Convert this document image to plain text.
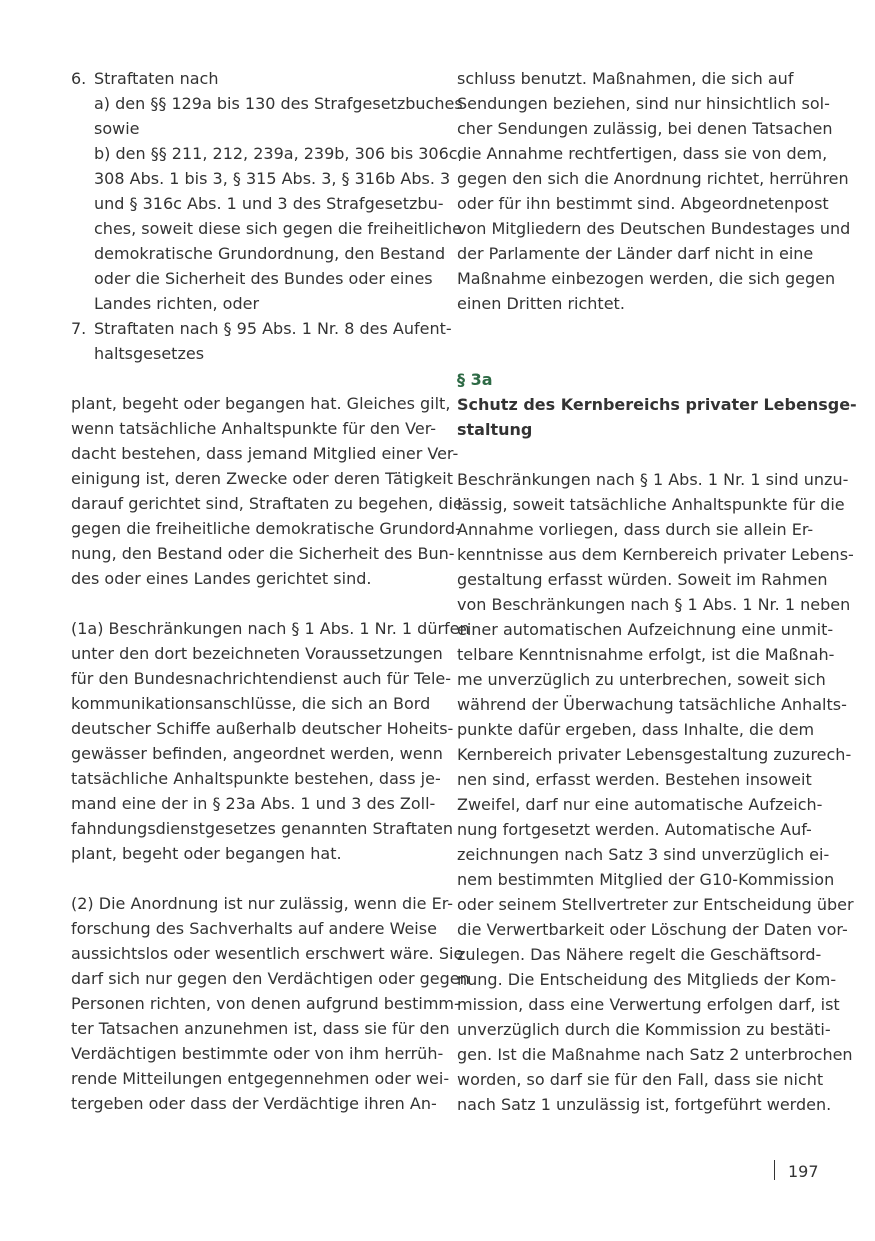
6. Straftaten nach
a) den §§ 129a bis 130 des Strafgesetzbuches
sowie
b) den §§ 211, 212, 239a, 239b, 306 bis 306c,
308 Abs. 1 bis 3, § 315 Abs. 3, § 316b Abs. 3
und § 316c Abs. 1 und 3 des Strafgesetzbu-
ches, soweit diese sich gegen die freiheitliche
demokratische Grundordnung, den Bestand
oder die Sicherheit des Bundes oder eines
Landes richten, oder
7. Straftaten nach § 95 Abs. 1 Nr. 8 des Aufent-
haltsgesetzes
plant, begeht oder begangen hat. Gleiches gilt,
wenn tatsächliche Anhaltspunkte für den Ver-
dacht bestehen, dass jemand Mitglied einer Ver-
einigung ist, deren Zwecke oder deren Tätigkeit
darauf gerichtet sind, Straftaten zu begehen, die
gegen die freiheitliche demokratische Grundord-
nung, den Bestand oder die Sicherheit des Bun-
des oder eines Landes gerichtet sind.
(1a) Beschränkungen nach § 1 Abs. 1 Nr. 1 dürfen
unter den dort bezeichneten Voraussetzungen
für den Bundesnachrichtendienst auch für Tele-
kommunikationsanschlüsse, die sich an Bord
deutscher Schiffe außerhalb deutscher Hoheits-
gewässer befinden, angeordnet werden, wenn
tatsächliche Anhaltspunkte bestehen, dass je-
mand eine der in § 23a Abs. 1 und 3 des Zoll-
fahndungsdienstgesetzes genannten Straftaten
plant, begeht oder begangen hat.
(2) Die Anordnung ist nur zulässig, wenn die Er-
forschung des Sachverhalts auf andere Weise
aussichtslos oder wesentlich erschwert wäre. Sie
darf sich nur gegen den Verdächtigen oder gegen
Personen richten, von denen aufgrund bestimm-
ter Tatsachen anzunehmen ist, dass sie für den
Verdächtigen bestimmte oder von ihm herrüh-
rende Mitteilungen entgegennehmen oder wei-
tergeben oder dass der Verdächtige ihren An-
schluss benutzt. Maßnahmen, die sich auf
Sendungen beziehen, sind nur hinsichtlich sol-
cher Sendungen zulässig, bei denen Tatsachen
die Annahme rechtfertigen, dass sie von dem,
gegen den sich die Anordnung richtet, herrühren
oder für ihn bestimmt sind. Abgeordnetenpost
von Mitgliedern des Deutschen Bundestages und
der Parlamente der Länder darf nicht in eine
Maßnahme einbezogen werden, die sich gegen
einen Dritten richtet.
§ 3a
Schutz des Kernbereichs privater Lebensge-
staltung
Beschränkungen nach § 1 Abs. 1 Nr. 1 sind unzu-
lässig, soweit tatsächliche Anhaltspunkte für die
Annahme vorliegen, dass durch sie allein Er-
kenntnisse aus dem Kernbereich privater Lebens-
gestaltung erfasst würden. Soweit im Rahmen
von Beschränkungen nach § 1 Abs. 1 Nr. 1 neben
einer automatischen Aufzeichnung eine unmit-
telbare Kenntnisnahme erfolgt, ist die Maßnah-
me unverzüglich zu unterbrechen, soweit sich
während der Überwachung tatsächliche Anhalts-
punkte dafür ergeben, dass Inhalte, die dem
Kernbereich privater Lebensgestaltung zuzurech-
nen sind, erfasst werden. Bestehen insoweit
Zweifel, darf nur eine automatische Aufzeich-
nung fortgesetzt werden. Automatische Auf-
zeichnungen nach Satz 3 sind unverzüglich ei-
nem bestimmten Mitglied der G10-Kommission
oder seinem Stellvertreter zur Entscheidung über
die Verwertbarkeit oder Löschung der Daten vor-
zulegen. Das Nähere regelt die Geschäftsord-
nung. Die Entscheidung des Mitglieds der Kom-
mission, dass eine Verwertung erfolgen darf, ist
unverzüglich durch die Kommission zu bestäti-
gen. Ist die Maßnahme nach Satz 2 unterbrochen
worden, so darf sie für den Fall, dass sie nicht
nach Satz 1 unzulässig ist, fortgeführt werden.
197
